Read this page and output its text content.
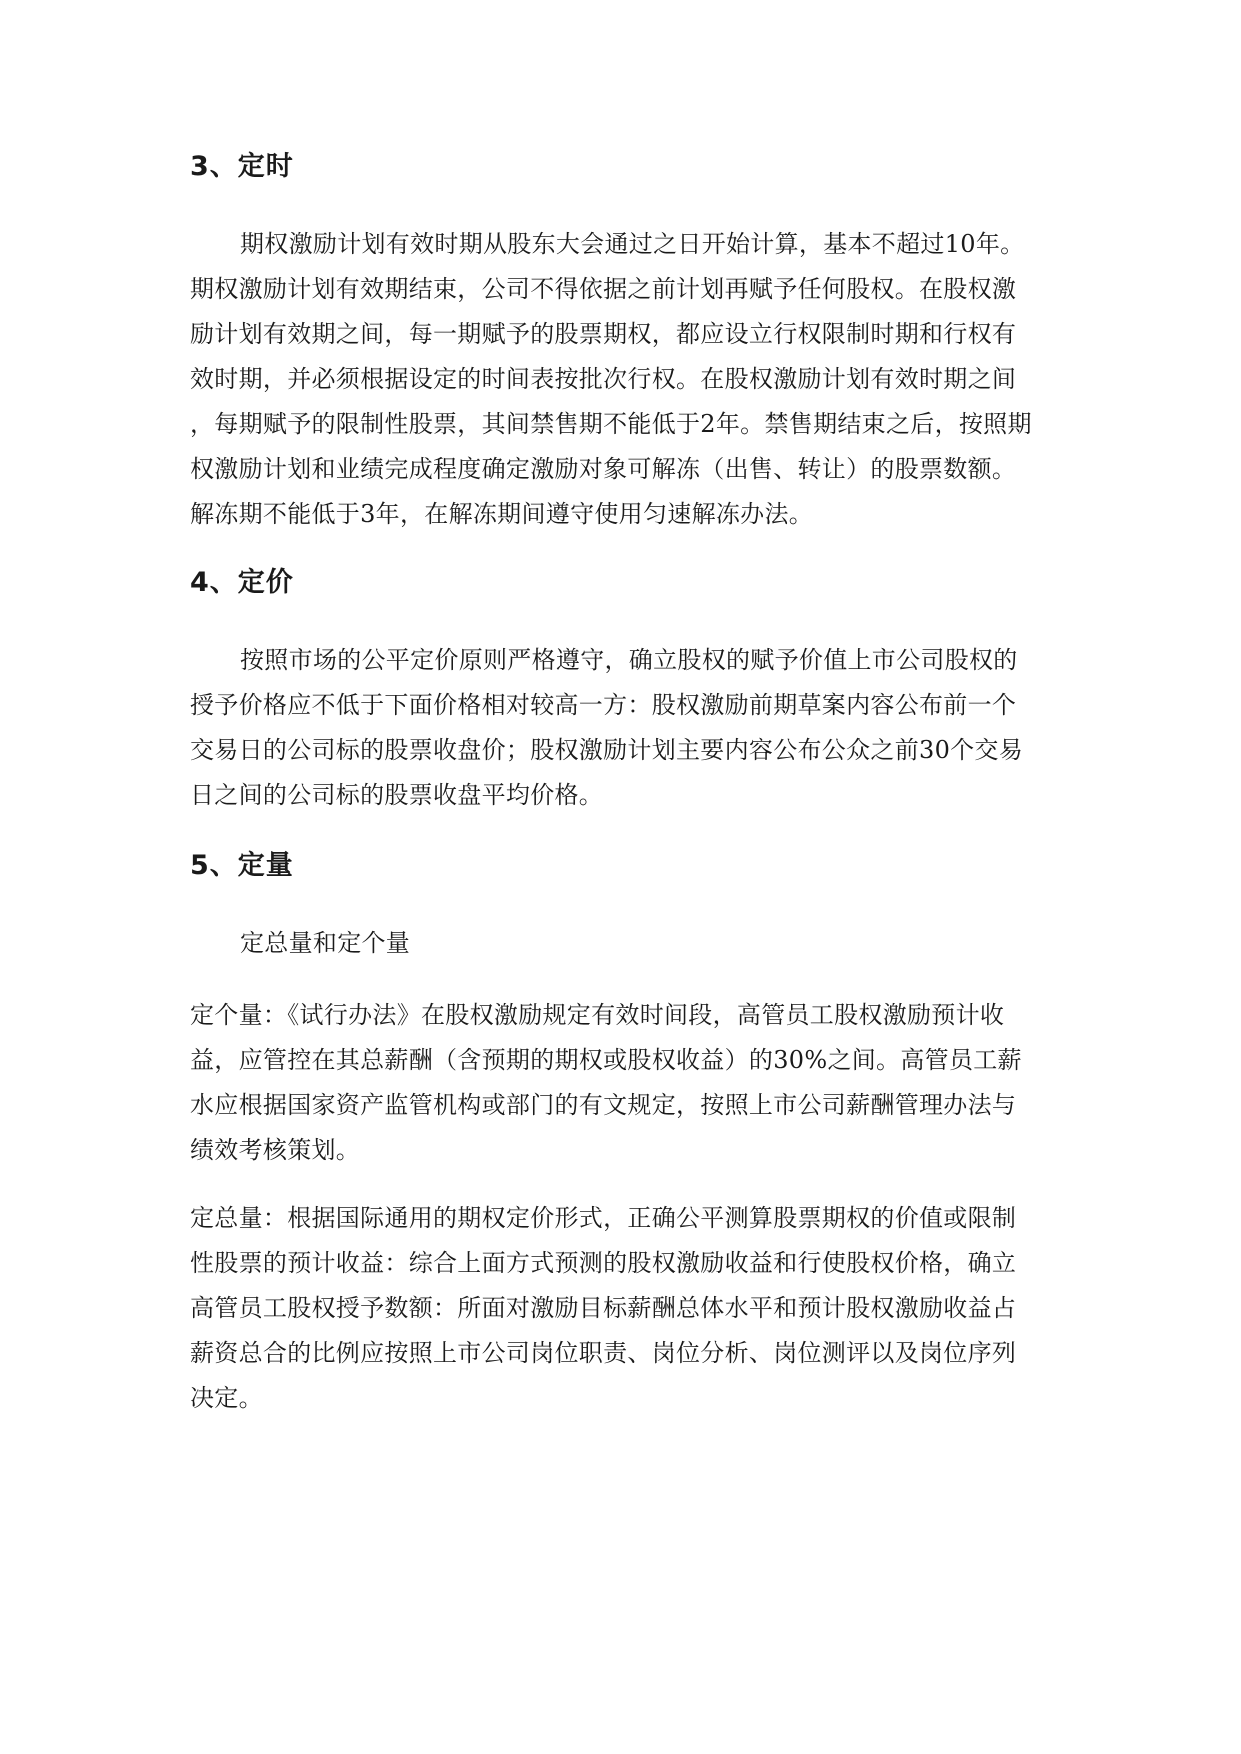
3、定时
期权激励计划有效时期从股东大会通过之日开始计算，基本不超过10年。
期权激励计划有效期结束，公司不得依据之前计划再赋予任何股权。在股权激
励计划有效期之间，每一期赋予的股票期权，都应设立行权限制时期和行权有
效时期，并必须根据设定的时间表按批次行权。在股权激励计划有效时期之间
，每期赋予的限制性股票，其间禁售期不能低于2年。禁售期结束之后，按照期
权激励计划和业绩完成程度确定激励对象可解冻（出售、转让）的股票数额。
解冻期不能低于3年，在解冻期间遵守使用匀速解冻办法。
4、定价
按照市场的公平定价原则严格遵守，确立股权的赋予价值上市公司股权的
授予价格应不低于下面价格相对较高一方：股权激励前期草案内容公布前一个
交易日的公司标的股票收盘价；股权激励计划主要内容公布公众之前30个交易
日之间的公司标的股票收盘平均价格。
5、定量
定总量和定个量
定个量：《试行办法》在股权激励规定有效时间段，高管员工股权激励预计收
益，应管控在其总薪酬（含预期的期权或股权收益）的30%之间。高管员工薪
水应根据国家资产监管机构或部门的有文规定，按照上市公司薪酬管理办法与
绩效考核策划。
定总量：根据国际通用的期权定价形式，正确公平测算股票期权的价值或限制
性股票的预计收益：综合上面方式预测的股权激励收益和行使股权价格，确立
高管员工股权授予数额：所面对激励目标薪酬总体水平和预计股权激励收益占
薪资总合的比例应按照上市公司岗位职责、岗位分析、岗位测评以及岗位序列
决定。
